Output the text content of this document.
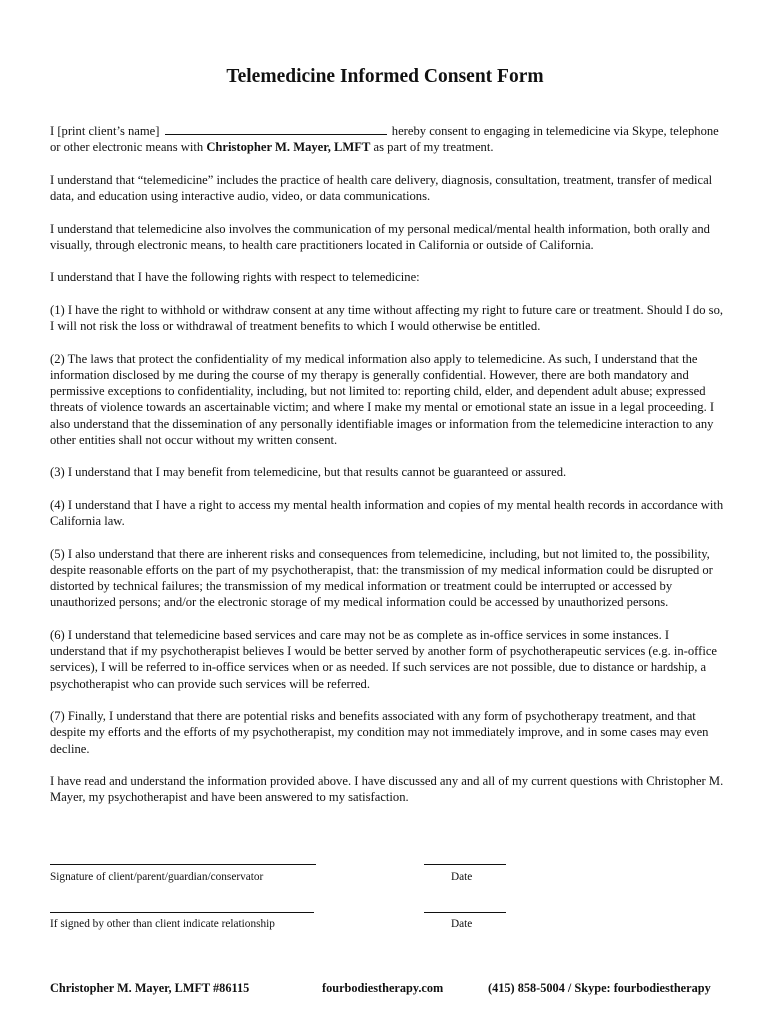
Telemedicine Informed Consent Form

I [print client’s name]	hereby consent to engaging in telemedicine via Skype, telephone or other electronic means with Christopher M. Mayer, LMFT as part of my treatment.

I understand that “telemedicine” includes the practice of health care delivery, diagnosis, consultation, treatment, transfer of medical data, and education using interactive audio, video, or data communications.

I understand that telemedicine also involves the communication of my personal medical/mental health information, both orally and visually, through electronic means, to health care practitioners located in California or outside of California.

I understand that I have the following rights with respect to telemedicine:

(1) I have the right to withhold or withdraw consent at any time without affecting my right to future care or treatment. Should I do so, I will not risk the loss or withdrawal of treatment benefits to which I would otherwise be entitled.

(2) The laws that protect the confidentiality of my medical information also apply to telemedicine. As such, I understand that the information disclosed by me during the course of my therapy is generally confidential. However, there are both mandatory and permissive exceptions to confidentiality, including, but not limited to: reporting child, elder, and dependent adult abuse; expressed threats of violence towards an ascertainable victim; and where I make my mental or emotional state an issue in a legal proceeding. I also understand that the dissemination of any personally identifiable images or information from the telemedicine interaction to any other entities shall not occur without my written consent.

(3) I understand that I may benefit from telemedicine, but that results cannot be guaranteed or assured.

(4) I understand that I have a right to access my mental health information and copies of my mental health records in accordance with California law.

(5) I also understand that there are inherent risks and consequences from telemedicine, including, but not limited to, the possibility, despite reasonable efforts on the part of my psychotherapist, that: the transmission of my medical information could be disrupted or distorted by technical failures; the transmission of my medical information or treatment could be interrupted or accessed by unauthorized persons; and/or the electronic storage of my medical information could be accessed by unauthorized persons.

(6) I understand that telemedicine based services and care may not be as complete as in-office services in some instances. I understand that if my psychotherapist believes I would be better served by another form of psychotherapeutic services (e.g. in-office services), I will be referred to in-office services when or as needed. If such services are not possible, due to distance or hardship, a psychotherapist who can provide such services will be referred.

(7) Finally, I understand that there are potential risks and benefits associated with any form of psychotherapy treatment, and that despite my efforts and the efforts of my psychotherapist, my condition may not immediately improve, and in some cases may even decline.

I have read and understand the information provided above. I have discussed any and all of my current questions with Christopher M. Mayer, my psychotherapist and have been answered to my satisfaction.

Signature of client/parent/guardian/conservator	Date
If signed by other than client indicate relationship	Date
Christopher M. Mayer, LMFT #86115	fourbodiestherapy.com	(415) 858-5004 / Skype: fourbodiestherapy
